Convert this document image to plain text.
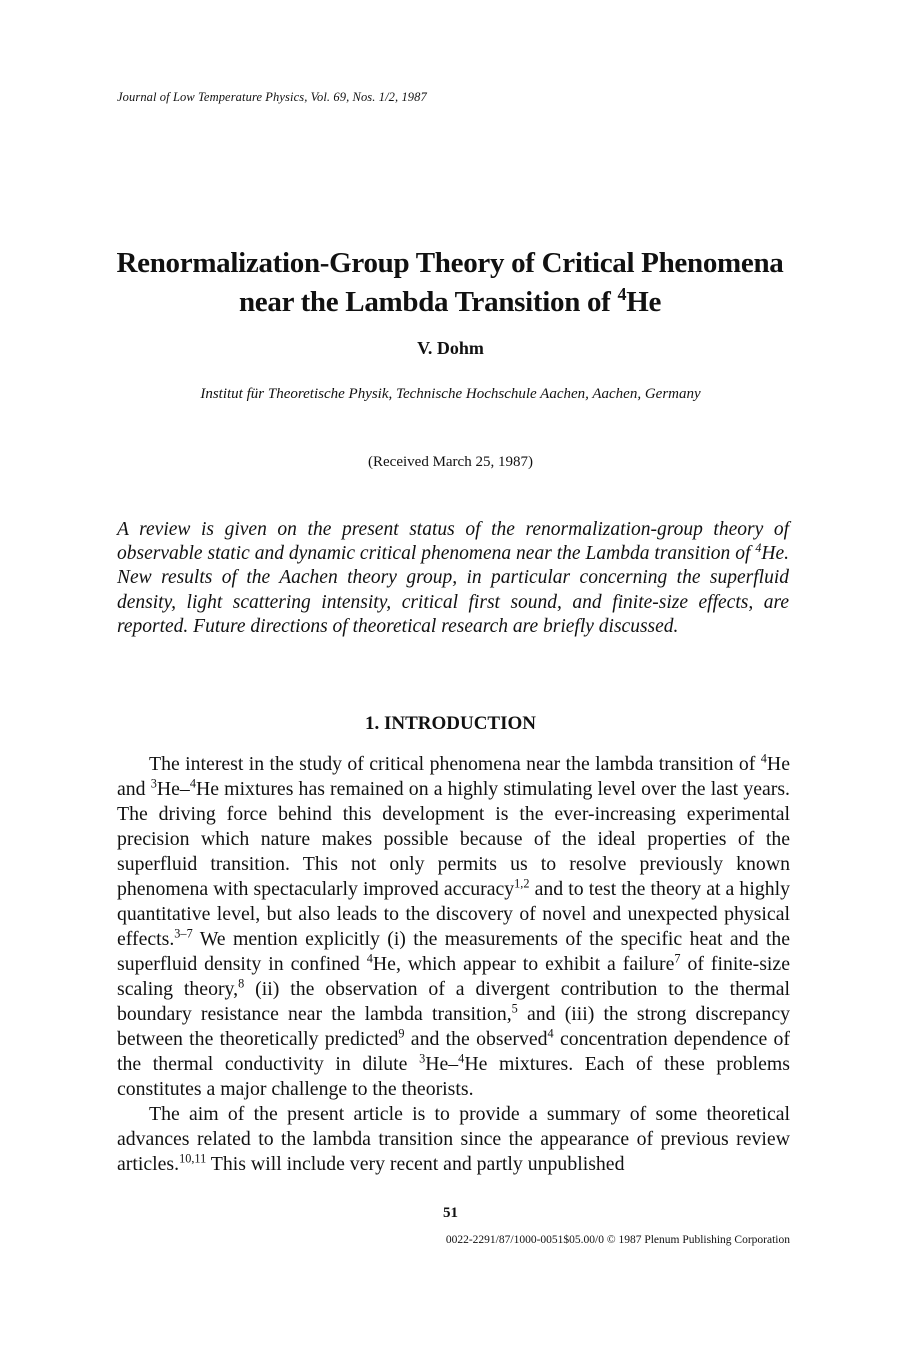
Journal of Low Temperature Physics, Vol. 69, Nos. 1/2, 1987
Renormalization-Group Theory of Critical Phenomena
near the Lambda Transition of $^4$He
V. Dohm
Institut für Theoretische Physik, Technische Hochschule Aachen, Aachen, Germany
(Received March 25, 1987)

A review is given on the present status of the renormalization-group theory of observable static and dynamic critical phenomena near the Lambda transition of $^4$He. New results of the Aachen theory group, in particular concerning the superfluid density, light scattering intensity, critical first sound, and finite-size effects, are reported. Future directions of theoretical research are briefly discussed.

1. INTRODUCTION

The interest in the study of critical phenomena near the lambda transition of $^4$He and $^3$He–$^4$He mixtures has remained on a highly stimulating level over the last years. The driving force behind this development is the ever-increasing experimental precision which nature makes possible because of the ideal properties of the superfluid transition. This not only permits us to resolve previously known phenomena with spectacularly improved accuracy$^{1,2}$ and to test the theory at a highly quantitative level, but also leads to the discovery of novel and unexpected physical effects.$^{3-7}$ We mention explicitly (i) the measurements of the specific heat and the superfluid density in confined $^4$He, which appear to exhibit a failure$^7$ of finite-size scaling theory,$^8$ (ii) the observation of a divergent contribution to the thermal boundary resistance near the lambda transition,$^5$ and (iii) the strong discrepancy between the theoretically predicted$^9$ and the observed$^4$ concentration dependence of the thermal conductivity in dilute $^3$He–$^4$He mixtures. Each of these problems constitutes a major challenge to the theorists.

The aim of the present article is to provide a summary of some theoretical advances related to the lambda transition since the appearance of previous review articles.$^{10,11}$ This will include very recent and partly unpublished

51
0022-2291/87/1000-0051$05.00/0 © 1987 Plenum Publishing Corporation
